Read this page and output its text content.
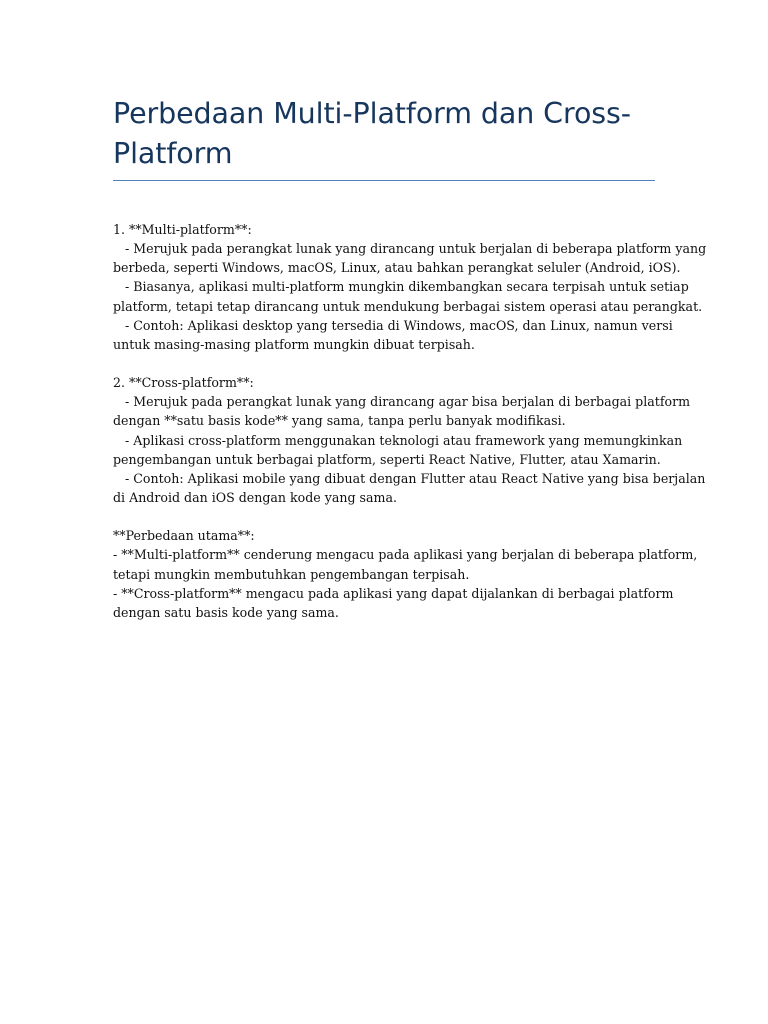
Perbedaan Multi-Platform dan Cross-
Platform
1. **Multi-platform**:
- Merujuk pada perangkat lunak yang dirancang untuk berjalan di beberapa platform yang
berbeda, seperti Windows, macOS, Linux, atau bahkan perangkat seluler (Android, iOS).
- Biasanya, aplikasi multi-platform mungkin dikembangkan secara terpisah untuk setiap
platform, tetapi tetap dirancang untuk mendukung berbagai sistem operasi atau perangkat.
- Contoh: Aplikasi desktop yang tersedia di Windows, macOS, dan Linux, namun versi
untuk masing-masing platform mungkin dibuat terpisah.
2. **Cross-platform**:
- Merujuk pada perangkat lunak yang dirancang agar bisa berjalan di berbagai platform
dengan **satu basis kode** yang sama, tanpa perlu banyak modifikasi.
- Aplikasi cross-platform menggunakan teknologi atau framework yang memungkinkan
pengembangan untuk berbagai platform, seperti React Native, Flutter, atau Xamarin.
- Contoh: Aplikasi mobile yang dibuat dengan Flutter atau React Native yang bisa berjalan
di Android dan iOS dengan kode yang sama.
**Perbedaan utama**:
- **Multi-platform** cenderung mengacu pada aplikasi yang berjalan di beberapa platform,
tetapi mungkin membutuhkan pengembangan terpisah.
- **Cross-platform** mengacu pada aplikasi yang dapat dijalankan di berbagai platform
dengan satu basis kode yang sama.
